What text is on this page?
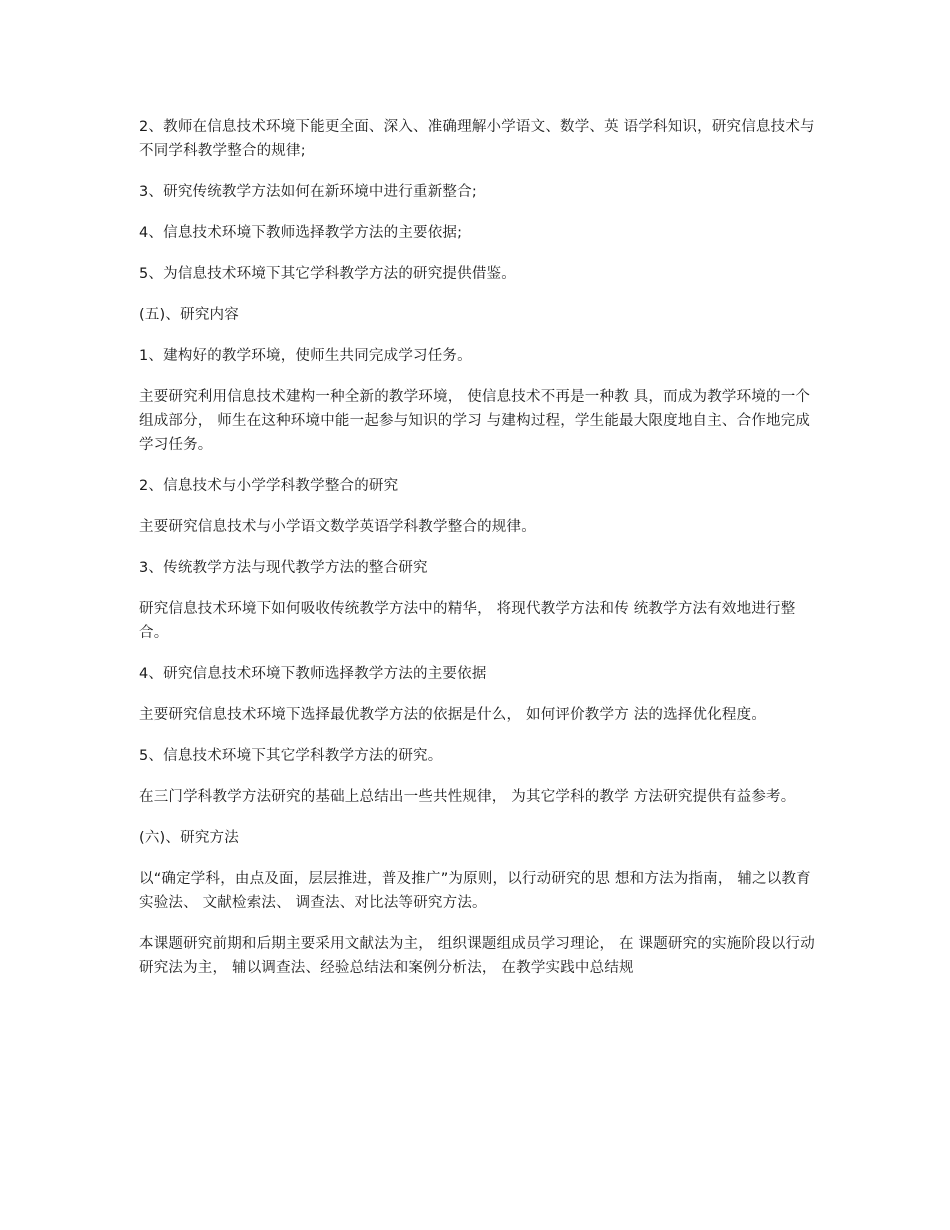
2、教师在信息技术环境下能更全面、深入、准确理解小学语文、数学、英 语学科知识，研究信息技术与不同学科教学整合的规律;

3、研究传统教学方法如何在新环境中进行重新整合;

4、信息技术环境下教师选择教学方法的主要依据;

5、为信息技术环境下其它学科教学方法的研究提供借鉴。

(五)、研究内容

1、建构好的教学环境，使师生共同完成学习任务。

主要研究利用信息技术建构一种全新的教学环境， 使信息技术不再是一种教 具，而成为教学环境的一个组成部分， 师生在这种环境中能一起参与知识的学习 与建构过程，学生能最大限度地自主、合作地完成学习任务。

2、信息技术与小学学科教学整合的研究

主要研究信息技术与小学语文数学英语学科教学整合的规律。

3、传统教学方法与现代教学方法的整合研究

研究信息技术环境下如何吸收传统教学方法中的精华， 将现代教学方法和传 统教学方法有效地进行整合。

4、研究信息技术环境下教师选择教学方法的主要依据

主要研究信息技术环境下选择最优教学方法的依据是什么， 如何评价教学方 法的选择优化程度。

5、信息技术环境下其它学科教学方法的研究。

在三门学科教学方法研究的基础上总结出一些共性规律， 为其它学科的教学 方法研究提供有益参考。

(六)、研究方法

以“确定学科，由点及面，层层推进，普及推广”为原则，以行动研究的思 想和方法为指南， 辅之以教育实验法、 文献检索法、 调查法、对比法等研究方法。

本课题研究前期和后期主要采用文献法为主， 组织课题组成员学习理论， 在 课题研究的实施阶段以行动研究法为主， 辅以调查法、经验总结法和案例分析法， 在教学实践中总结规
